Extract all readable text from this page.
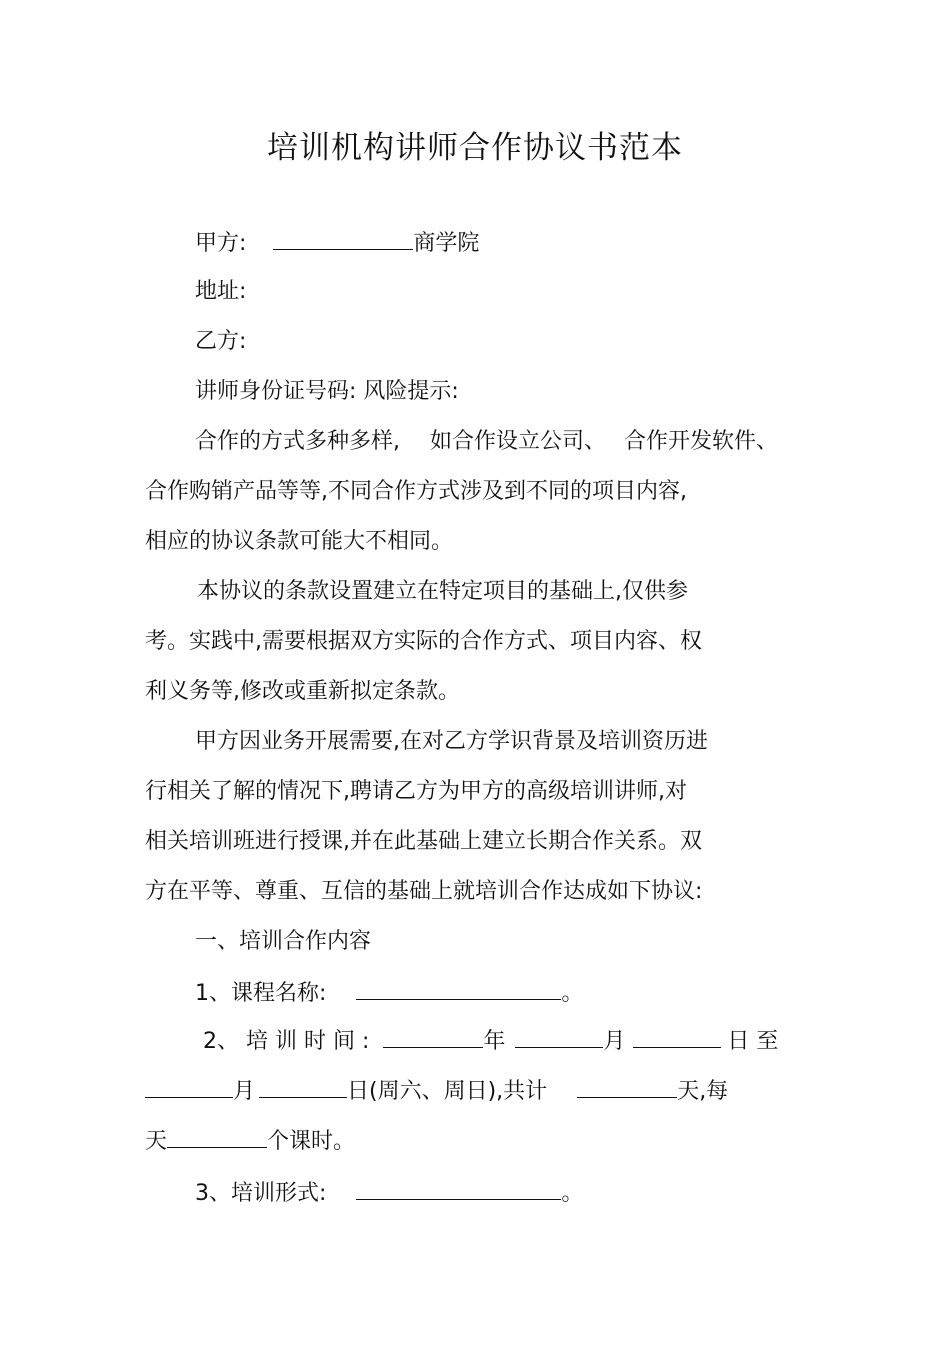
培训机构讲师合作协议书范本
甲方:	商学院
地址:
乙方:
讲师身份证号码: 风险提示:
合作的方式多种多样, 如合作设立公司、 合作开发软件、
合作购销产品等等,不同合作方式涉及到不同的项目内容,
相应的协议条款可能大不相同。
本协议的条款设置建立在特定项目的基础上,仅供参
考。实践中,需要根据双方实际的合作方式、项目内容、权
利义务等,修改或重新拟定条款。
甲方因业务开展需要,在对乙方学识背景及培训资历进
行相关了解的情况下,聘请乙方为甲方的高级培训讲师,对
相关培训班进行授课,并在此基础上建立长期合作关系。双
方在平等、尊重、互信的基础上就培训合作达成如下协议:
一、培训合作内容
1、课程名称:	。
2、 培 训 时 间 :	年	月	日 至
月	日(周六、周日),共计	天,每
天	个课时。
3、培训形式:	。
